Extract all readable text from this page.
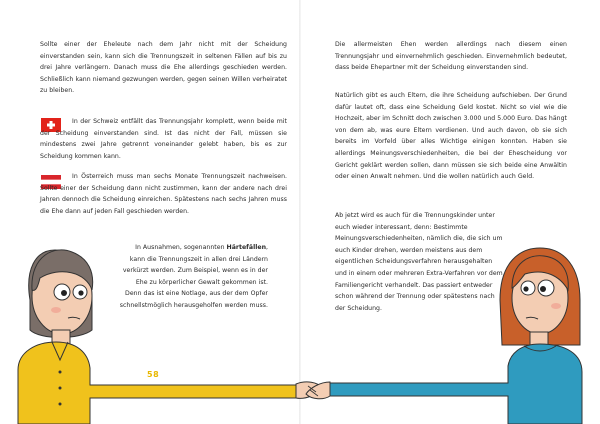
Sollte einer der Eheleute nach dem Jahr nicht mit der Scheidung einverstanden sein, kann sich die Trennungszeit in seltenen Fällen auf bis zu drei Jahre verlängern. Danach muss die Ehe allerdings geschieden werden. Schließlich kann niemand gezwungen werden, gegen seinen Willen verheiratet zu bleiben.

In der Schweiz entfällt das Trennungsjahr komplett, wenn beide mit der Scheidung einverstanden sind. Ist das nicht der Fall, müssen sie mindestens zwei Jahre getrennt voneinander gelebt haben, bis es zur Scheidung kommen kann.

In Österreich muss man sechs Monate Trennungszeit nachweisen. Sollte einer der Scheidung dann nicht zustimmen, kann der andere nach drei Jahren dennoch die Scheidung einreichen. Spätestens nach sechs Jahren muss die Ehe dann auf jeden Fall geschieden werden.

In Ausnahmen, sogenannten Härtefällen, kann die Trennungszeit in allen drei Ländern verkürzt werden. Zum Beispiel, wenn es in der Ehe zu körperlicher Gewalt gekommen ist. Denn das ist eine Notlage, aus der dem Opfer schnellstmöglich herausgeholfen werden muss.

58

Die allermeisten Ehen werden allerdings nach diesem einen Trennungsjahr und einvernehmlich geschieden. Einvernehmlich bedeutet, dass beide Ehepartner mit der Scheidung einverstanden sind.

Natürlich gibt es auch Eltern, die ihre Scheidung aufschieben. Der Grund dafür lautet oft, dass eine Scheidung Geld kostet. Nicht so viel wie die Hochzeit, aber im Schnitt doch zwischen 3.000 und 5.000 Euro. Das hängt von dem ab, was eure Eltern verdienen. Und auch davon, ob sie sich bereits im Vorfeld über alles Wichtige einigen konnten. Haben sie allerdings Meinungsverschiedenheiten, die bei der Ehescheidung vor Gericht geklärt werden sollen, dann müssen sie sich beide eine Anwältin oder einen Anwalt nehmen. Und die wollen natürlich auch Geld.

Ab jetzt wird es auch für die Trennungskinder unter euch wieder interessant, denn: Bestimmte Meinungsverschiedenheiten, nämlich die, die sich um euch Kinder drehen, werden meistens aus dem eigentlichen Scheidungsverfahren herausgehalten und in einem oder mehreren Extra-Verfahren vor dem Familiengericht verhandelt. Das passiert entweder schon während der Trennung oder spätestens nach der Scheidung.
